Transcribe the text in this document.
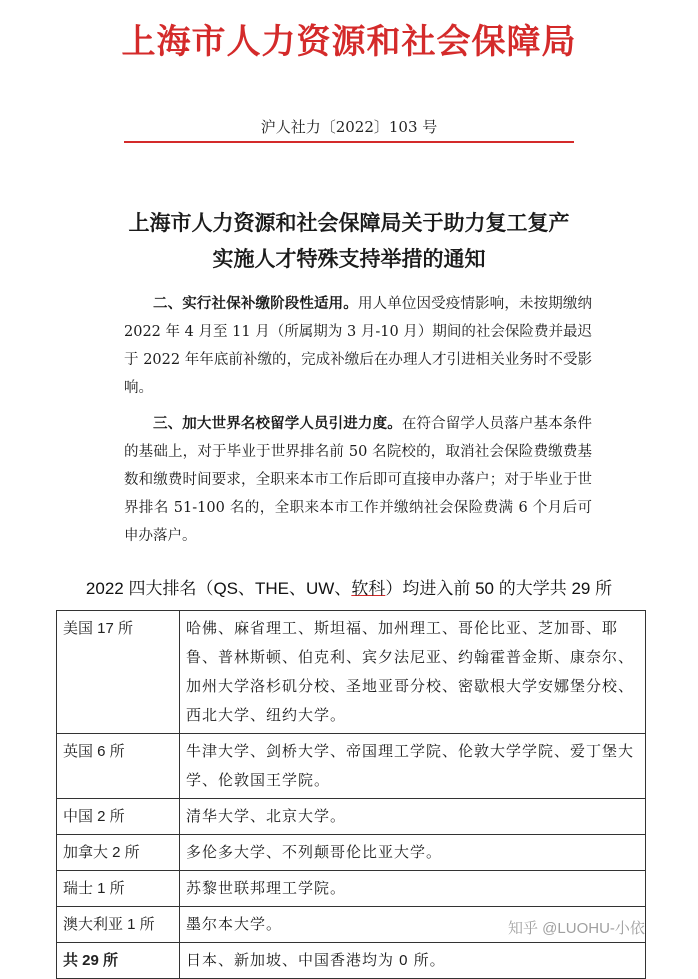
上海市人力资源和社会保障局
沪人社力〔2022〕103 号
上海市人力资源和社会保障局关于助力复工复产
实施人才特殊支持举措的通知
二、实行社保补缴阶段性适用。用人单位因受疫情影响，未按期缴纳 2022 年 4 月至 11 月（所属期为 3 月-10 月）期间的社会保险费并最迟于 2022 年年底前补缴的，完成补缴后在办理人才引进相关业务时不受影响。
三、加大世界名校留学人员引进力度。在符合留学人员落户基本条件的基础上，对于毕业于世界排名前 50 名院校的，取消社会保险费缴费基数和缴费时间要求，全职来本市工作后即可直接申办落户；对于毕业于世界排名 51-100 名的，全职来本市工作并缴纳社会保险费满 6 个月后可申办落户。
2022 四大排名（QS、THE、UW、软科）均进入前 50 的大学共 29 所
美国 17 所	哈佛、麻省理工、斯坦福、加州理工、哥伦比亚、芝加哥、耶鲁、普林斯顿、伯克利、宾夕法尼亚、约翰霍普金斯、康奈尔、加州大学洛杉矶分校、圣地亚哥分校、密歇根大学安娜堡分校、西北大学、纽约大学。
英国 6 所	牛津大学、剑桥大学、帝国理工学院、伦敦大学学院、爱丁堡大学、伦敦国王学院。
中国 2 所	清华大学、北京大学。
加拿大 2 所	多伦多大学、不列颠哥伦比亚大学。
瑞士 1 所	苏黎世联邦理工学院。
澳大利亚 1 所	墨尔本大学。
共 29 所	日本、新加坡、中国香港均为 0 所。
知乎 @LUOHU-小依
